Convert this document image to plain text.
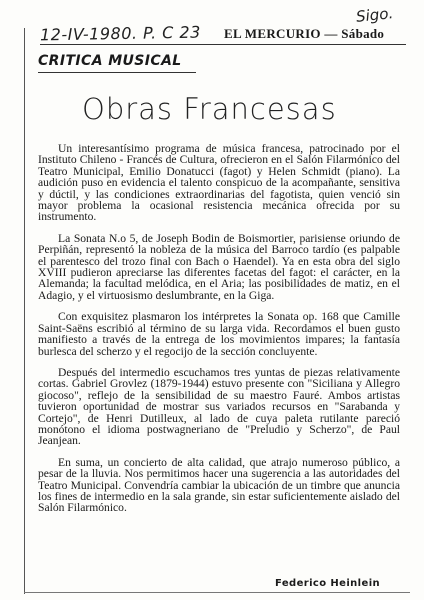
12-IV-1980. P. C 23
Sigo.
EL MERCURIO — Sábado
CRITICA MUSICAL
Obras Francesas

Un interesantísimo programa de música francesa, patrocinado por el Instituto Chileno - Francés de Cultura, ofrecieron en el Salón Filarmónico del Teatro Municipal, Emilio Donatucci (fagot) y Helen Schmidt (piano). La audición puso en evidencia el talento conspicuo de la acompañante, sensitiva y dúctil, y las condiciones extraordinarias del fagotista, quien venció sin mayor problema la ocasional resistencia mecánica ofrecida por su instrumento.

La Sonata N.o 5, de Joseph Bodin de Boismortier, parisiense oriundo de Perpiñán, representó la nobleza de la música del Barroco tardío (es palpable el parentesco del trozo final con Bach o Haendel). Ya en esta obra del siglo XVIII pudieron apreciarse las diferentes facetas del fagot: el carácter, en la Alemanda; la facultad melódica, en el Aria; las posibilidades de matiz, en el Adagio, y el virtuosismo deslumbrante, en la Giga.

Con exquisitez plasmaron los intérpretes la Sonata op. 168 que Camille Saint-Saëns escribió al término de su larga vida. Recordamos el buen gusto manifiesto a través de la entrega de los movimientos impares; la fantasía burlesca del scherzo y el regocijo de la sección concluyente.

Después del intermedio escuchamos tres yuntas de piezas relativamente cortas. Gabriel Grovlez (1879-1944) estuvo presente con "Siciliana y Allegro giocoso", reflejo de la sensibilidad de su maestro Fauré. Ambos artistas tuvieron oportunidad de mostrar sus variados recursos en "Sarabanda y Cortejo", de Henri Dutilleux, al lado de cuya paleta rutilante pareció monótono el idioma postwagneriano de "Preludio y Scherzo", de Paul Jeanjean.

En suma, un concierto de alta calidad, que atrajo numeroso público, a pesar de la lluvia. Nos permitimos hacer una sugerencia a las autoridades del Teatro Municipal. Convendría cambiar la ubicación de un timbre que anuncia los fines de intermedio en la sala grande, sin estar suficientemente aislado del Salón Filarmónico.

Federico Heinlein
